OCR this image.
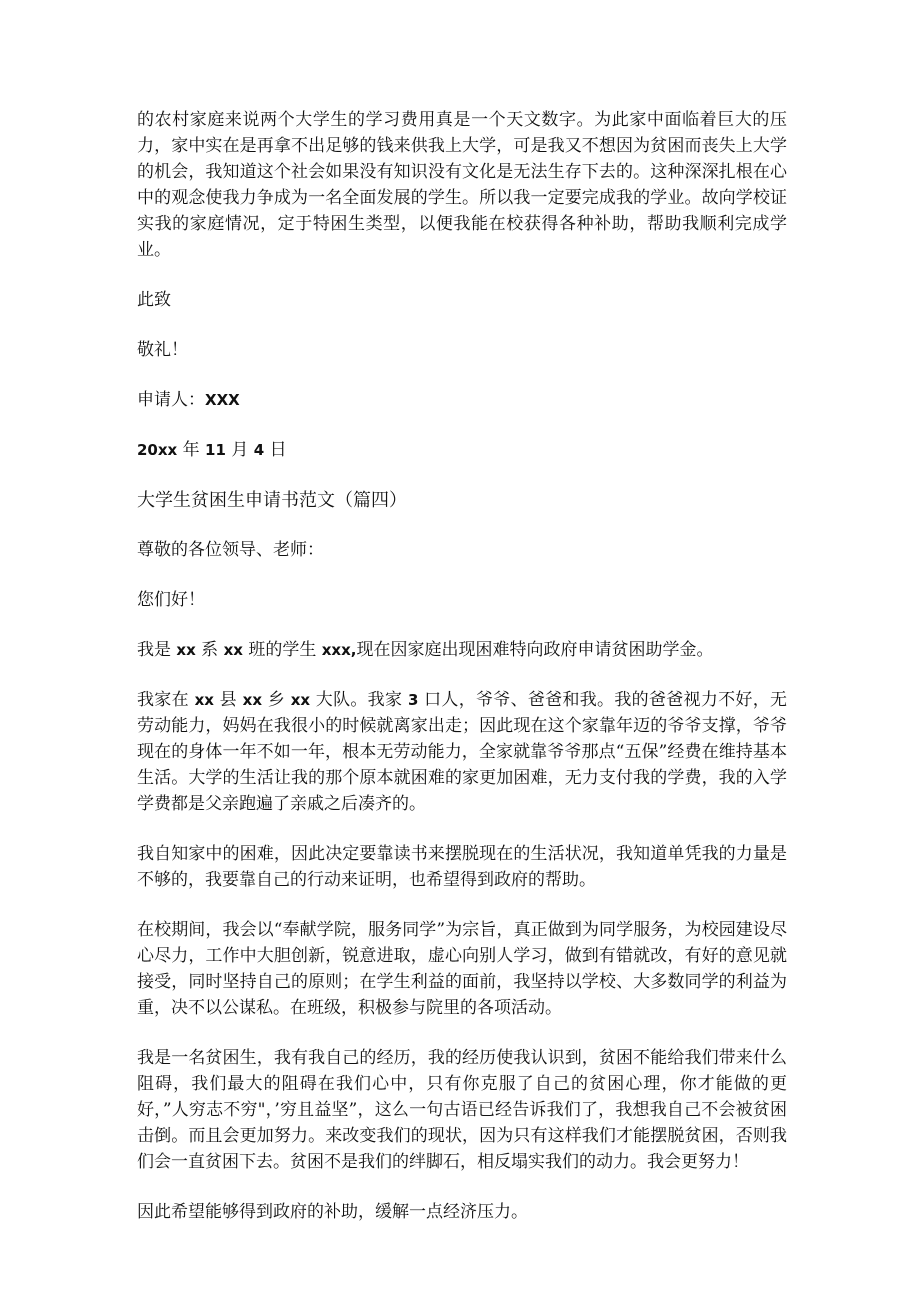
的农村家庭来说两个大学生的学习费用真是一个天文数字。为此家中面临着巨大的压力，家中实在是再拿不出足够的钱来供我上大学，可是我又不想因为贫困而丧失上大学的机会，我知道这个社会如果没有知识没有文化是无法生存下去的。这种深深扎根在心中的观念使我力争成为一名全面发展的学生。所以我一定要完成我的学业。故向学校证实我的家庭情况，定于特困生类型，以便我能在校获得各种补助，帮助我顺利完成学业。

此致

敬礼！

申请人：XXX

20xx 年 11 月 4 日

大学生贫困生申请书范文（篇四）

尊敬的各位领导、老师：

您们好！

我是 xx 系 xx 班的学生 xxx,现在因家庭出现困难特向政府申请贫困助学金。

我家在 xx 县 xx 乡 xx 大队。我家 3 口人，爷爷、爸爸和我。我的爸爸视力不好，无劳动能力，妈妈在我很小的时候就离家出走；因此现在这个家靠年迈的爷爷支撑，爷爷现在的身体一年不如一年，根本无劳动能力，全家就靠爷爷那点“五保”经费在维持基本生活。大学的生活让我的那个原本就困难的家更加困难，无力支付我的学费，我的入学学费都是父亲跑遍了亲戚之后凑齐的。

我自知家中的困难，因此决定要靠读书来摆脱现在的生活状况，我知道单凭我的力量是不够的，我要靠自己的行动来证明，也希望得到政府的帮助。

在校期间，我会以“奉献学院，服务同学”为宗旨，真正做到为同学服务，为校园建设尽心尽力，工作中大胆创新，锐意进取，虚心向别人学习，做到有错就改，有好的意见就接受，同时坚持自己的原则；在学生利益的面前，我坚持以学校、大多数同学的利益为重，决不以公谋私。在班级，积极参与院里的各项活动。

我是一名贫困生，我有我自己的经历，我的经历使我认识到，贫困不能给我们带来什么阻碍，我们最大的阻碍在我们心中，只有你克服了自己的贫困心理，你才能做的更好，”人穷志不穷"，’穷且益坚”，这么一句古语已经告诉我们了，我想我自己不会被贫困击倒。而且会更加努力。来改变我们的现状，因为只有这样我们才能摆脱贫困，否则我们会一直贫困下去。贫困不是我们的绊脚石，相反塌实我们的动力。我会更努力！

因此希望能够得到政府的补助，缓解一点经济压力。
